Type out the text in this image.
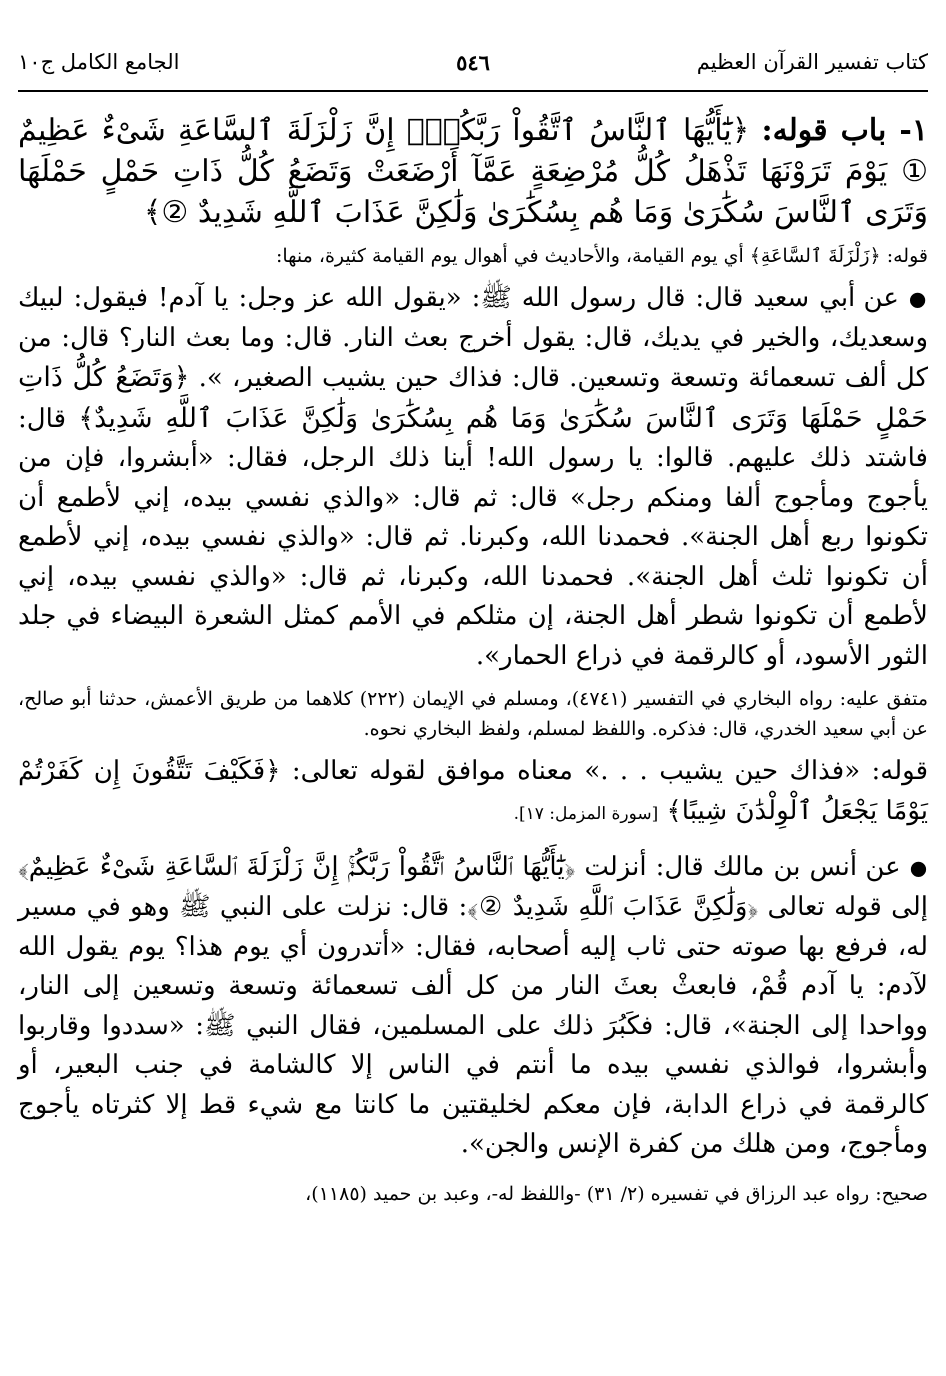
كتاب تفسير القرآن العظيم
٥٤٦
الجامع الكامل ج١٠

١- باب قوله: ﴿يَٰٓأَيُّهَا ٱلنَّاسُ ٱتَّقُواْ رَبَّكُمْۚ إِنَّ زَلْزَلَةَ ٱلسَّاعَةِ شَىْءٌ عَظِيمٌ ① يَوْمَ تَرَوْنَهَا تَذْهَلُ كُلُّ مُرْضِعَةٍ عَمَّآ أَرْضَعَتْ وَتَضَعُ كُلُّ ذَاتِ حَمْلٍ حَمْلَهَا وَتَرَى ٱلنَّاسَ سُكَٰرَىٰ وَمَا هُم بِسُكَٰرَىٰ وَلَٰكِنَّ عَذَابَ ٱللَّهِ شَدِيدٌ ②﴾

قوله: ﴿زَلْزَلَةَ ٱلسَّاعَةِ﴾ أي يوم القيامة، والأحاديث في أهوال يوم القيامة كثيرة، منها:

● عن أبي سعيد قال: قال رسول الله ﷺ: «يقول الله عز وجل: يا آدم! فيقول: لبيك وسعديك، والخير في يديك، قال: يقول أخرج بعث النار. قال: وما بعث النار؟ قال: من كل ألف تسعمائة وتسعة وتسعين. قال: فذاك حين يشيب الصغير، ». ﴿وَتَضَعُ كُلُّ ذَاتِ حَمْلٍ حَمْلَهَا وَتَرَى ٱلنَّاسَ سُكَٰرَىٰ وَمَا هُم بِسُكَٰرَىٰ وَلَٰكِنَّ عَذَابَ ٱللَّهِ شَدِيدٌ﴾ قال: فاشتد ذلك عليهم. قالوا: يا رسول الله! أينا ذلك الرجل، فقال: «أبشروا، فإن من يأجوج ومأجوج ألفا ومنكم رجل» قال: ثم قال: «والذي نفسي بيده، إني لأطمع أن تكونوا ربع أهل الجنة». فحمدنا الله، وكبرنا. ثم قال: «والذي نفسي بيده، إني لأطمع أن تكونوا ثلث أهل الجنة». فحمدنا الله، وكبرنا، ثم قال: «والذي نفسي بيده، إني لأطمع أن تكونوا شطر أهل الجنة، إن مثلكم في الأمم كمثل الشعرة البيضاء في جلد الثور الأسود، أو كالرقمة في ذراع الحمار».

متفق عليه: رواه البخاري في التفسير (٤٧٤١)، ومسلم في الإيمان (٢٢٢) كلاهما من طريق الأعمش، حدثنا أبو صالح، عن أبي سعيد الخدري، قال: فذكره. واللفظ لمسلم، ولفظ البخاري نحوه.

قوله: «فذاك حين يشيب . . .» معناه موافق لقوله تعالى: ﴿فَكَيْفَ تَتَّقُونَ إِن كَفَرْتُمْ يَوْمًا يَجْعَلُ ٱلْوِلْدَٰنَ شِيبًا﴾ [سورة المزمل: ١٧].

● عن أنس بن مالك قال: أنزلت ﴿يَٰٓأَيُّهَا ٱلنَّاسُ ٱتَّقُواْ رَبَّكُمْۚ إِنَّ زَلْزَلَةَ ٱلسَّاعَةِ شَىْءٌ عَظِيمٌ﴾ إلى قوله تعالى ﴿وَلَٰكِنَّ عَذَابَ ٱللَّهِ شَدِيدٌ ②﴾: قال: نزلت على النبي ﷺ وهو في مسير له، فرفع بها صوته حتى ثاب إليه أصحابه، فقال: «أتدرون أي يوم هذا؟ يوم يقول الله لآدم: يا آدم قُمْ، فابعثْ بعثَ النار من كل ألف تسعمائة وتسعة وتسعين إلى النار، وواحدا إلى الجنة»، قال: فكَبُرَ ذلك على المسلمين، فقال النبي ﷺ: «سددوا وقاربوا وأبشروا، فوالذي نفسي بيده ما أنتم في الناس إلا كالشامة في جنب البعير، أو كالرقمة في ذراع الدابة، فإن معكم لخليقتين ما كانتا مع شيء قط إلا كثرتاه يأجوج ومأجوج، ومن هلك من كفرة الإنس والجن».

صحيح: رواه عبد الرزاق في تفسيره (٢/ ٣١) -واللفظ له-، وعبد بن حميد (١١٨٥)،
